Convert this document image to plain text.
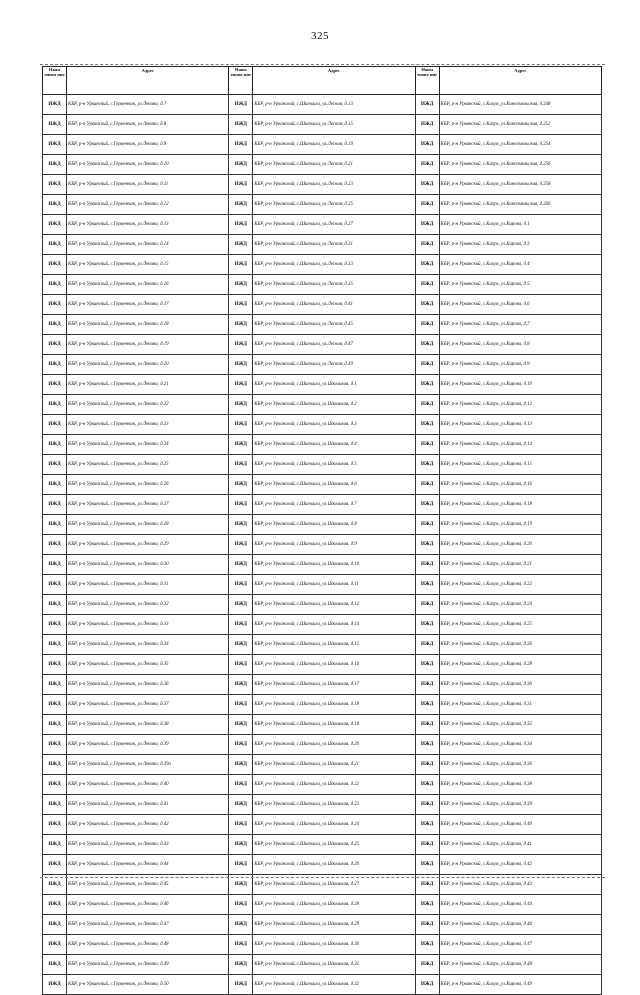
325
Наим енова ние	Адрес	Наим енова ние	Адрес	Наим енова ние	Адрес
ИЖД	КБР, р-н Урванский, с.Герменчик, ул.Ленина, д.7	ИЖД	КБР, р-н Урванский, с.Шитхала, ул.Лесная, д.13	ИЖД	КБР, р-н Урванский, с.Кахун, ул.Комсомольская, д.248
ИЖД	КБР, р-н Урванский, с.Герменчик, ул.Ленина, д.8	ИЖД	КБР, р-н Урванский, с.Шитхала, ул.Лесная, д.15	ИЖД	КБР, р-н Урванский, с.Кахун, ул.Комсомольская, д.252
ИЖД	КБР, р-н Урванский, с.Герменчик, ул.Ленина, д.9	ИЖД	КБР, р-н Урванский, с.Шитхала, ул.Лесная, д.19	ИЖД	КБР, р-н Урванский, с.Кахун, ул.Комсомольская, д.254
ИЖД	КБР, р-н Урванский, с.Герменчик, ул.Ленина, д.10	ИЖД	КБР, р-н Урванский, с.Шитхала, ул.Лесная, д.21	ИЖД	КБР, р-н Урванский, с.Кахун, ул.Комсомольская, д.256
ИЖД	КБР, р-н Урванский, с.Герменчик, ул.Ленина, д.11	ИЖД	КБР, р-н Урванский, с.Шитхала, ул.Лесная, д.23	ИЖД	КБР, р-н Урванский, с.Кахун, ул.Комсомольская, д.258
ИЖД	КБР, р-н Урванский, с.Герменчик, ул.Ленина, д.12	ИЖД	КБР, р-н Урванский, с.Шитхала, ул.Лесная, д.25	ИЖД	КБР, р-н Урванский, с.Кахун, ул.Комсомольская, д.260
ИЖД	КБР, р-н Урванский, с.Герменчик, ул.Ленина, д.13	ИЖД	КБР, р-н Урванский, с.Шитхала, ул.Лесная, д.27	ИЖД	КБР, р-н Урванский, с.Кахун, ул.Кирова, д.1
ИЖД	КБР, р-н Урванский, с.Герменчик, ул.Ленина, д.14	ИЖД	КБР, р-н Урванский, с.Шитхала, ул.Лесная, д.31	ИЖД	КБР, р-н Урванский, с.Кахун, ул.Кирова, д.3
ИЖД	КБР, р-н Урванский, с.Герменчик, ул.Ленина, д.15	ИЖД	КБР, р-н Урванский, с.Шитхала, ул.Лесная, д.33	ИЖД	КБР, р-н Урванский, с.Кахун, ул.Кирова, д.4
ИЖД	КБР, р-н Урванский, с.Герменчик, ул.Ленина, д.16	ИЖД	КБР, р-н Урванский, с.Шитхала, ул.Лесная, д.35	ИЖД	КБР, р-н Урванский, с.Кахун, ул.Кирова, д.5
ИЖД	КБР, р-н Урванский, с.Герменчик, ул.Ленина, д.17	ИЖД	КБР, р-н Урванский, с.Шитхала, ул.Лесная, д.41	ИЖД	КБР, р-н Урванский, с.Кахун, ул.Кирова, д.6
ИЖД	КБР, р-н Урванский, с.Герменчик, ул.Ленина, д.18	ИЖД	КБР, р-н Урванский, с.Шитхала, ул.Лесная, д.45	ИЖД	КБР, р-н Урванский, с.Кахун, ул.Кирова, д.7
ИЖД	КБР, р-н Урванский, с.Герменчик, ул.Ленина, д.19	ИЖД	КБР, р-н Урванский, с.Шитхала, ул.Лесная, д.47	ИЖД	КБР, р-н Урванский, с.Кахун, ул.Кирова, д.8
ИЖД	КБР, р-н Урванский, с.Герменчик, ул.Ленина, д.20	ИЖД	КБР, р-н Урванский, с.Шитхала, ул.Лесная, д.49	ИЖД	КБР, р-н Урванский, с.Кахун, ул.Кирова, д.9
ИЖД	КБР, р-н Урванский, с.Герменчик, ул.Ленина, д.21	ИЖД	КБР, р-н Урванский, с.Шитхала, ул.Школьная, д.1	ИЖД	КБР, р-н Урванский, с.Кахун, ул.Кирова, д.10
ИЖД	КБР, р-н Урванский, с.Герменчик, ул.Ленина, д.22	ИЖД	КБР, р-н Урванский, с.Шитхала, ул.Школьная, д.2	ИЖД	КБР, р-н Урванский, с.Кахун, ул.Кирова, д.12
ИЖД	КБР, р-н Урванский, с.Герменчик, ул.Ленина, д.23	ИЖД	КБР, р-н Урванский, с.Шитхала, ул.Школьная, д.3	ИЖД	КБР, р-н Урванский, с.Кахун, ул.Кирова, д.13
ИЖД	КБР, р-н Урванский, с.Герменчик, ул.Ленина, д.24	ИЖД	КБР, р-н Урванский, с.Шитхала, ул.Школьная, д.4	ИЖД	КБР, р-н Урванский, с.Кахун, ул.Кирова, д.14
ИЖД	КБР, р-н Урванский, с.Герменчик, ул.Ленина, д.25	ИЖД	КБР, р-н Урванский, с.Шитхала, ул.Школьная, д.5	ИЖД	КБР, р-н Урванский, с.Кахун, ул.Кирова, д.15
ИЖД	КБР, р-н Урванский, с.Герменчик, ул.Ленина, д.26	ИЖД	КБР, р-н Урванский, с.Шитхала, ул.Школьная, д.6	ИЖД	КБР, р-н Урванский, с.Кахун, ул.Кирова, д.16
ИЖД	КБР, р-н Урванский, с.Герменчик, ул.Ленина, д.27	ИЖД	КБР, р-н Урванский, с.Шитхала, ул.Школьная, д.7	ИЖД	КБР, р-н Урванский, с.Кахун, ул.Кирова, д.18
ИЖД	КБР, р-н Урванский, с.Герменчик, ул.Ленина, д.28	ИЖД	КБР, р-н Урванский, с.Шитхала, ул.Школьная, д.8	ИЖД	КБР, р-н Урванский, с.Кахун, ул.Кирова, д.19
ИЖД	КБР, р-н Урванский, с.Герменчик, ул.Ленина, д.29	ИЖД	КБР, р-н Урванский, с.Шитхала, ул.Школьная, д.9	ИЖД	КБР, р-н Урванский, с.Кахун, ул.Кирова, д.20
ИЖД	КБР, р-н Урванский, с.Герменчик, ул.Ленина, д.30	ИЖД	КБР, р-н Урванский, с.Шитхала, ул.Школьная, д.10	ИЖД	КБР, р-н Урванский, с.Кахун, ул.Кирова, д.21
ИЖД	КБР, р-н Урванский, с.Герменчик, ул.Ленина, д.31	ИЖД	КБР, р-н Урванский, с.Шитхала, ул.Школьная, д.11	ИЖД	КБР, р-н Урванский, с.Кахун, ул.Кирова, д.22
ИЖД	КБР, р-н Урванский, с.Герменчик, ул.Ленина, д.32	ИЖД	КБР, р-н Урванский, с.Шитхала, ул.Школьная, д.12	ИЖД	КБР, р-н Урванский, с.Кахун, ул.Кирова, д.24
ИЖД	КБР, р-н Урванский, с.Герменчик, ул.Ленина, д.33	ИЖД	КБР, р-н Урванский, с.Шитхала, ул.Школьная, д.14	ИЖД	КБР, р-н Урванский, с.Кахун, ул.Кирова, д.25
ИЖД	КБР, р-н Урванский, с.Герменчик, ул.Ленина, д.34	ИЖД	КБР, р-н Урванский, с.Шитхала, ул.Школьная, д.15	ИЖД	КБР, р-н Урванский, с.Кахун, ул.Кирова, д.26
ИЖД	КБР, р-н Урванский, с.Герменчик, ул.Ленина, д.35	ИЖД	КБР, р-н Урванский, с.Шитхала, ул.Школьная, д.16	ИЖД	КБР, р-н Урванский, с.Кахун, ул.Кирова, д.28
ИЖД	КБР, р-н Урванский, с.Герменчик, ул.Ленина, д.36	ИЖД	КБР, р-н Урванский, с.Шитхала, ул.Школьная, д.17	ИЖД	КБР, р-н Урванский, с.Кахун, ул.Кирова, д.30
ИЖД	КБР, р-н Урванский, с.Герменчик, ул.Ленина, д.37	ИЖД	КБР, р-н Урванский, с.Шитхала, ул.Школьная, д.18	ИЖД	КБР, р-н Урванский, с.Кахун, ул.Кирова, д.31
ИЖД	КБР, р-н Урванский, с.Герменчик, ул.Ленина, д.38	ИЖД	КБР, р-н Урванский, с.Шитхала, ул.Школьная, д.19	ИЖД	КБР, р-н Урванский, с.Кахун, ул.Кирова, д.32
ИЖД	КБР, р-н Урванский, с.Герменчик, ул.Ленина, д.39	ИЖД	КБР, р-н Урванский, с.Шитхала, ул.Школьная, д.20	ИЖД	КБР, р-н Урванский, с.Кахун, ул.Кирова, д.34
ИЖД	КБР, р-н Урванский, с.Герменчик, ул.Ленина, д.39а	ИЖД	КБР, р-н Урванский, с.Шитхала, ул.Школьная, д.21	ИЖД	КБР, р-н Урванский, с.Кахун, ул.Кирова, д.36
ИЖД	КБР, р-н Урванский, с.Герменчик, ул.Ленина, д.40	ИЖД	КБР, р-н Урванский, с.Шитхала, ул.Школьная, д.22	ИЖД	КБР, р-н Урванский, с.Кахун, ул.Кирова, д.38
ИЖД	КБР, р-н Урванский, с.Герменчик, ул.Ленина, д.41	ИЖД	КБР, р-н Урванский, с.Шитхала, ул.Школьная, д.23	ИЖД	КБР, р-н Урванский, с.Кахун, ул.Кирова, д.39
ИЖД	КБР, р-н Урванский, с.Герменчик, ул.Ленина, д.42	ИЖД	КБР, р-н Урванский, с.Шитхала, ул.Школьная, д.24	ИЖД	КБР, р-н Урванский, с.Кахун, ул.Кирова, д.40
ИЖД	КБР, р-н Урванский, с.Герменчик, ул.Ленина, д.43	ИЖД	КБР, р-н Урванский, с.Шитхала, ул.Школьная, д.25	ИЖД	КБР, р-н Урванский, с.Кахун, ул.Кирова, д.41
ИЖД	КБР, р-н Урванский, с.Герменчик, ул.Ленина, д.44	ИЖД	КБР, р-н Урванский, с.Шитхала, ул.Школьная, д.26	ИЖД	КБР, р-н Урванский, с.Кахун, ул.Кирова, д.42
ИЖД	КБР, р-н Урванский, с.Герменчик, ул.Ленина, д.45	ИЖД	КБР, р-н Урванский, с.Шитхала, ул.Школьная, д.27	ИЖД	КБР, р-н Урванский, с.Кахун, ул.Кирова, д.43
ИЖД	КБР, р-н Урванский, с.Герменчик, ул.Ленина, д.46	ИЖД	КБР, р-н Урванский, с.Шитхала, ул.Школьная, д.28	ИЖД	КБР, р-н Урванский, с.Кахун, ул.Кирова, д.44
ИЖД	КБР, р-н Урванский, с.Герменчик, ул.Ленина, д.47	ИЖД	КБР, р-н Урванский, с.Шитхала, ул.Школьная, д.29	ИЖД	КБР, р-н Урванский, с.Кахун, ул.Кирова, д.46
ИЖД	КБР, р-н Урванский, с.Герменчик, ул.Ленина, д.48	ИЖД	КБР, р-н Урванский, с.Шитхала, ул.Школьная, д.30	ИЖД	КБР, р-н Урванский, с.Кахун, ул.Кирова, д.47
ИЖД	КБР, р-н Урванский, с.Герменчик, ул.Ленина, д.49	ИЖД	КБР, р-н Урванский, с.Шитхала, ул.Школьная, д.31	ИЖД	КБР, р-н Урванский, с.Кахун, ул.Кирова, д.48
ИЖД	КБР, р-н Урванский, с.Герменчик, ул.Ленина, д.50	ИЖД	КБР, р-н Урванский, с.Шитхала, ул.Школьная, д.32	ИЖД	КБР, р-н Урванский, с.Кахун, ул.Кирова, д.49
